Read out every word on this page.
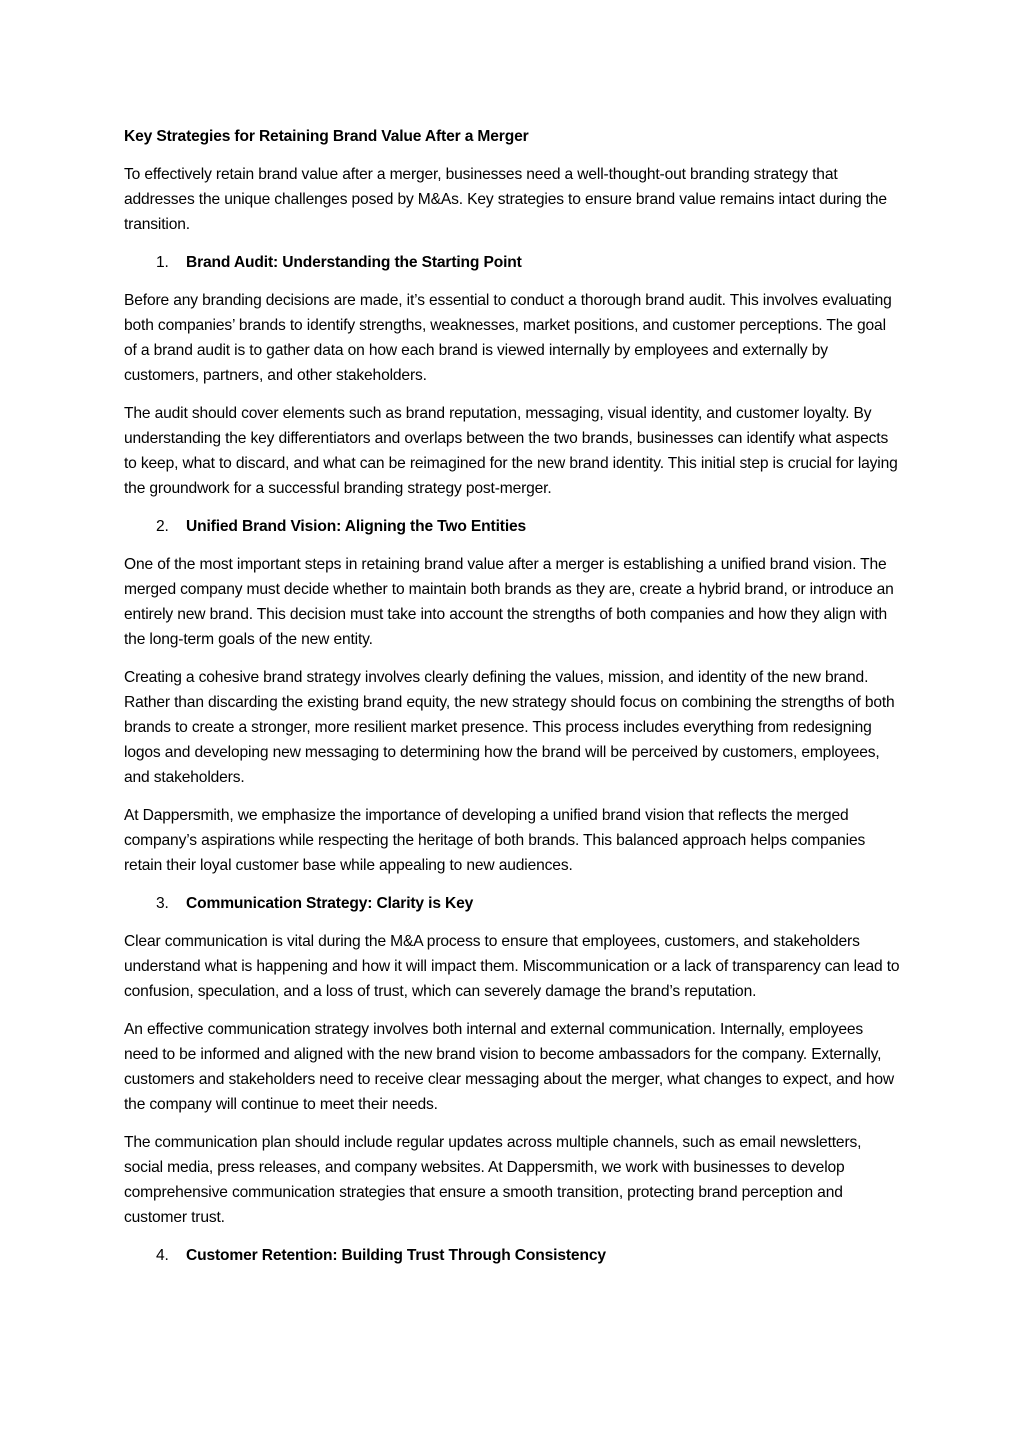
Key Strategies for Retaining Brand Value After a Merger

To effectively retain brand value after a merger, businesses need a well-thought-out branding strategy that addresses the unique challenges posed by M&As. Key strategies to ensure brand value remains intact during the transition.

1. Brand Audit: Understanding the Starting Point

Before any branding decisions are made, it’s essential to conduct a thorough brand audit. This involves evaluating both companies’ brands to identify strengths, weaknesses, market positions, and customer perceptions. The goal of a brand audit is to gather data on how each brand is viewed internally by employees and externally by customers, partners, and other stakeholders.

The audit should cover elements such as brand reputation, messaging, visual identity, and customer loyalty. By understanding the key differentiators and overlaps between the two brands, businesses can identify what aspects to keep, what to discard, and what can be reimagined for the new brand identity. This initial step is crucial for laying the groundwork for a successful branding strategy post-merger.

2. Unified Brand Vision: Aligning the Two Entities

One of the most important steps in retaining brand value after a merger is establishing a unified brand vision. The merged company must decide whether to maintain both brands as they are, create a hybrid brand, or introduce an entirely new brand. This decision must take into account the strengths of both companies and how they align with the long-term goals of the new entity.

Creating a cohesive brand strategy involves clearly defining the values, mission, and identity of the new brand. Rather than discarding the existing brand equity, the new strategy should focus on combining the strengths of both brands to create a stronger, more resilient market presence. This process includes everything from redesigning logos and developing new messaging to determining how the brand will be perceived by customers, employees, and stakeholders.

At Dappersmith, we emphasize the importance of developing a unified brand vision that reflects the merged company’s aspirations while respecting the heritage of both brands. This balanced approach helps companies retain their loyal customer base while appealing to new audiences.

3. Communication Strategy: Clarity is Key

Clear communication is vital during the M&A process to ensure that employees, customers, and stakeholders understand what is happening and how it will impact them. Miscommunication or a lack of transparency can lead to confusion, speculation, and a loss of trust, which can severely damage the brand’s reputation.

An effective communication strategy involves both internal and external communication. Internally, employees need to be informed and aligned with the new brand vision to become ambassadors for the company. Externally, customers and stakeholders need to receive clear messaging about the merger, what changes to expect, and how the company will continue to meet their needs.

The communication plan should include regular updates across multiple channels, such as email newsletters, social media, press releases, and company websites. At Dappersmith, we work with businesses to develop comprehensive communication strategies that ensure a smooth transition, protecting brand perception and customer trust.

4. Customer Retention: Building Trust Through Consistency
